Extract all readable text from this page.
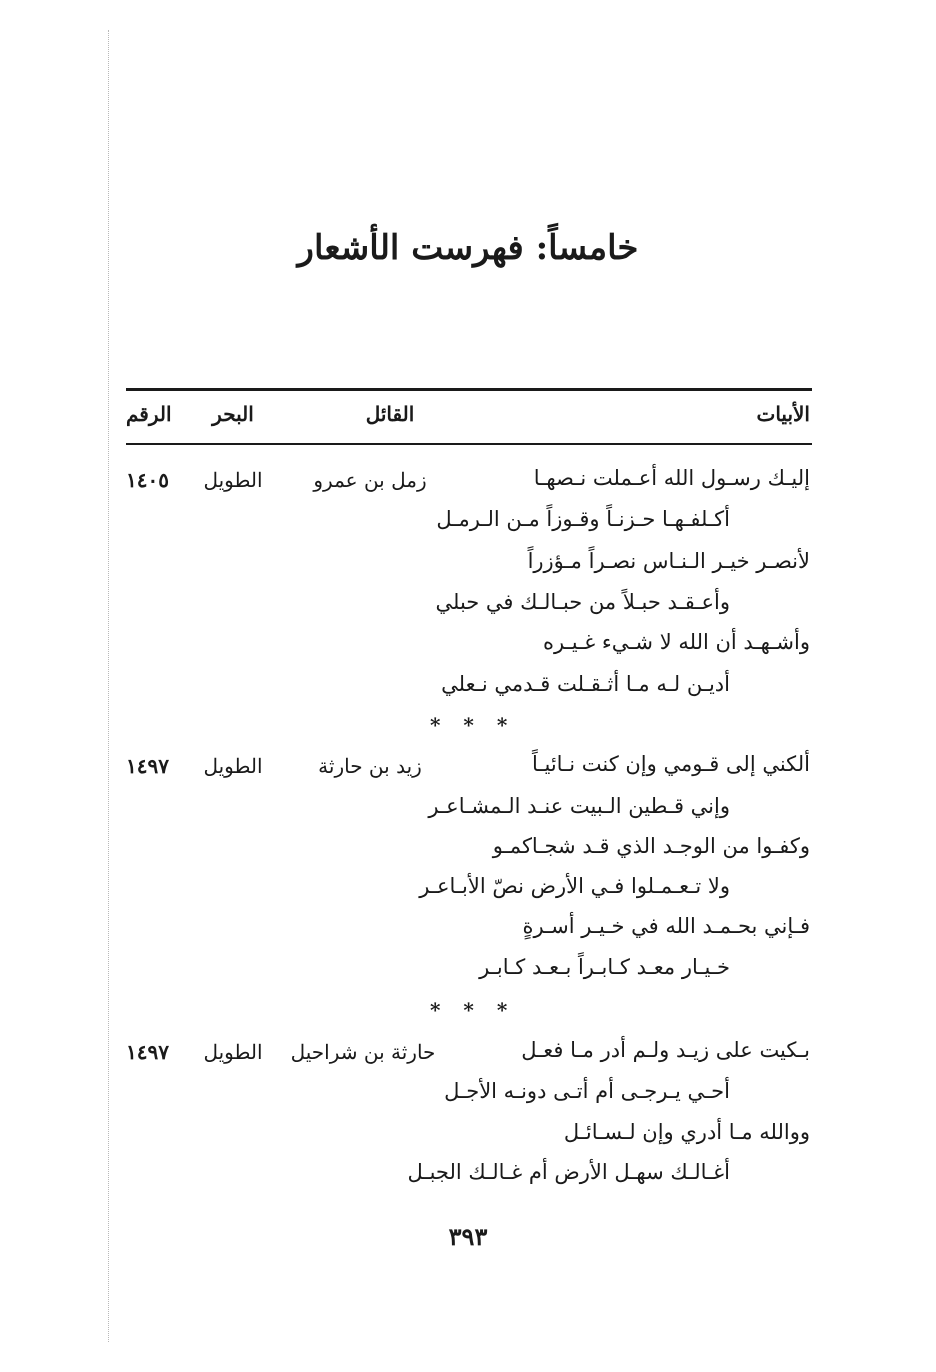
خامساً: فهرست الأشعار
الأبيات
القائل
البحر
الرقم
إليـك رسـول الله أعـملت نـصهـا
زمل بن عمرو
الطويل
١٤٠٥
أكـلفـهـا حـزنـاً وقـوزاً مـن الـرمـل
لأنصـر خيـر الـنـاس نصـراً مـؤزراً
وأعـقـد حبـلاً من حبـالـك في حبلي
وأشـهـد أن الله لا شـيء غـيـره
أديـن لـه مـا أثـقـلت قـدمي نـعلي
* * *
ألكني إلى قـومي وإن كنت نـائيـاً
زيد بن حارثة
الطويل
١٤٩٧
وإني قـطين الـبيت عنـد الـمشـاعـر
وكفـوا من الوجـد الذي قـد شجـاكمـو
ولا تـعـمـلوا فـي الأرض نصّ الأبـاعـر
فـإني بحـمـد الله في خـيـر أسـرةٍ
خـيـار معـد كـابـراً بـعـد كـابـر
* * *
بـكيت على زيـد ولـم أدر مـا فعـل
حارثة بن شراحيل
الطويل
١٤٩٧
أحـي يـرجـى أم أتـى دونـه الأجـل
ووالله مـا أدري وإن لـسـائـل
أغـالـك سهـل الأرض أم غـالـك الجبـل
٣٩٣
